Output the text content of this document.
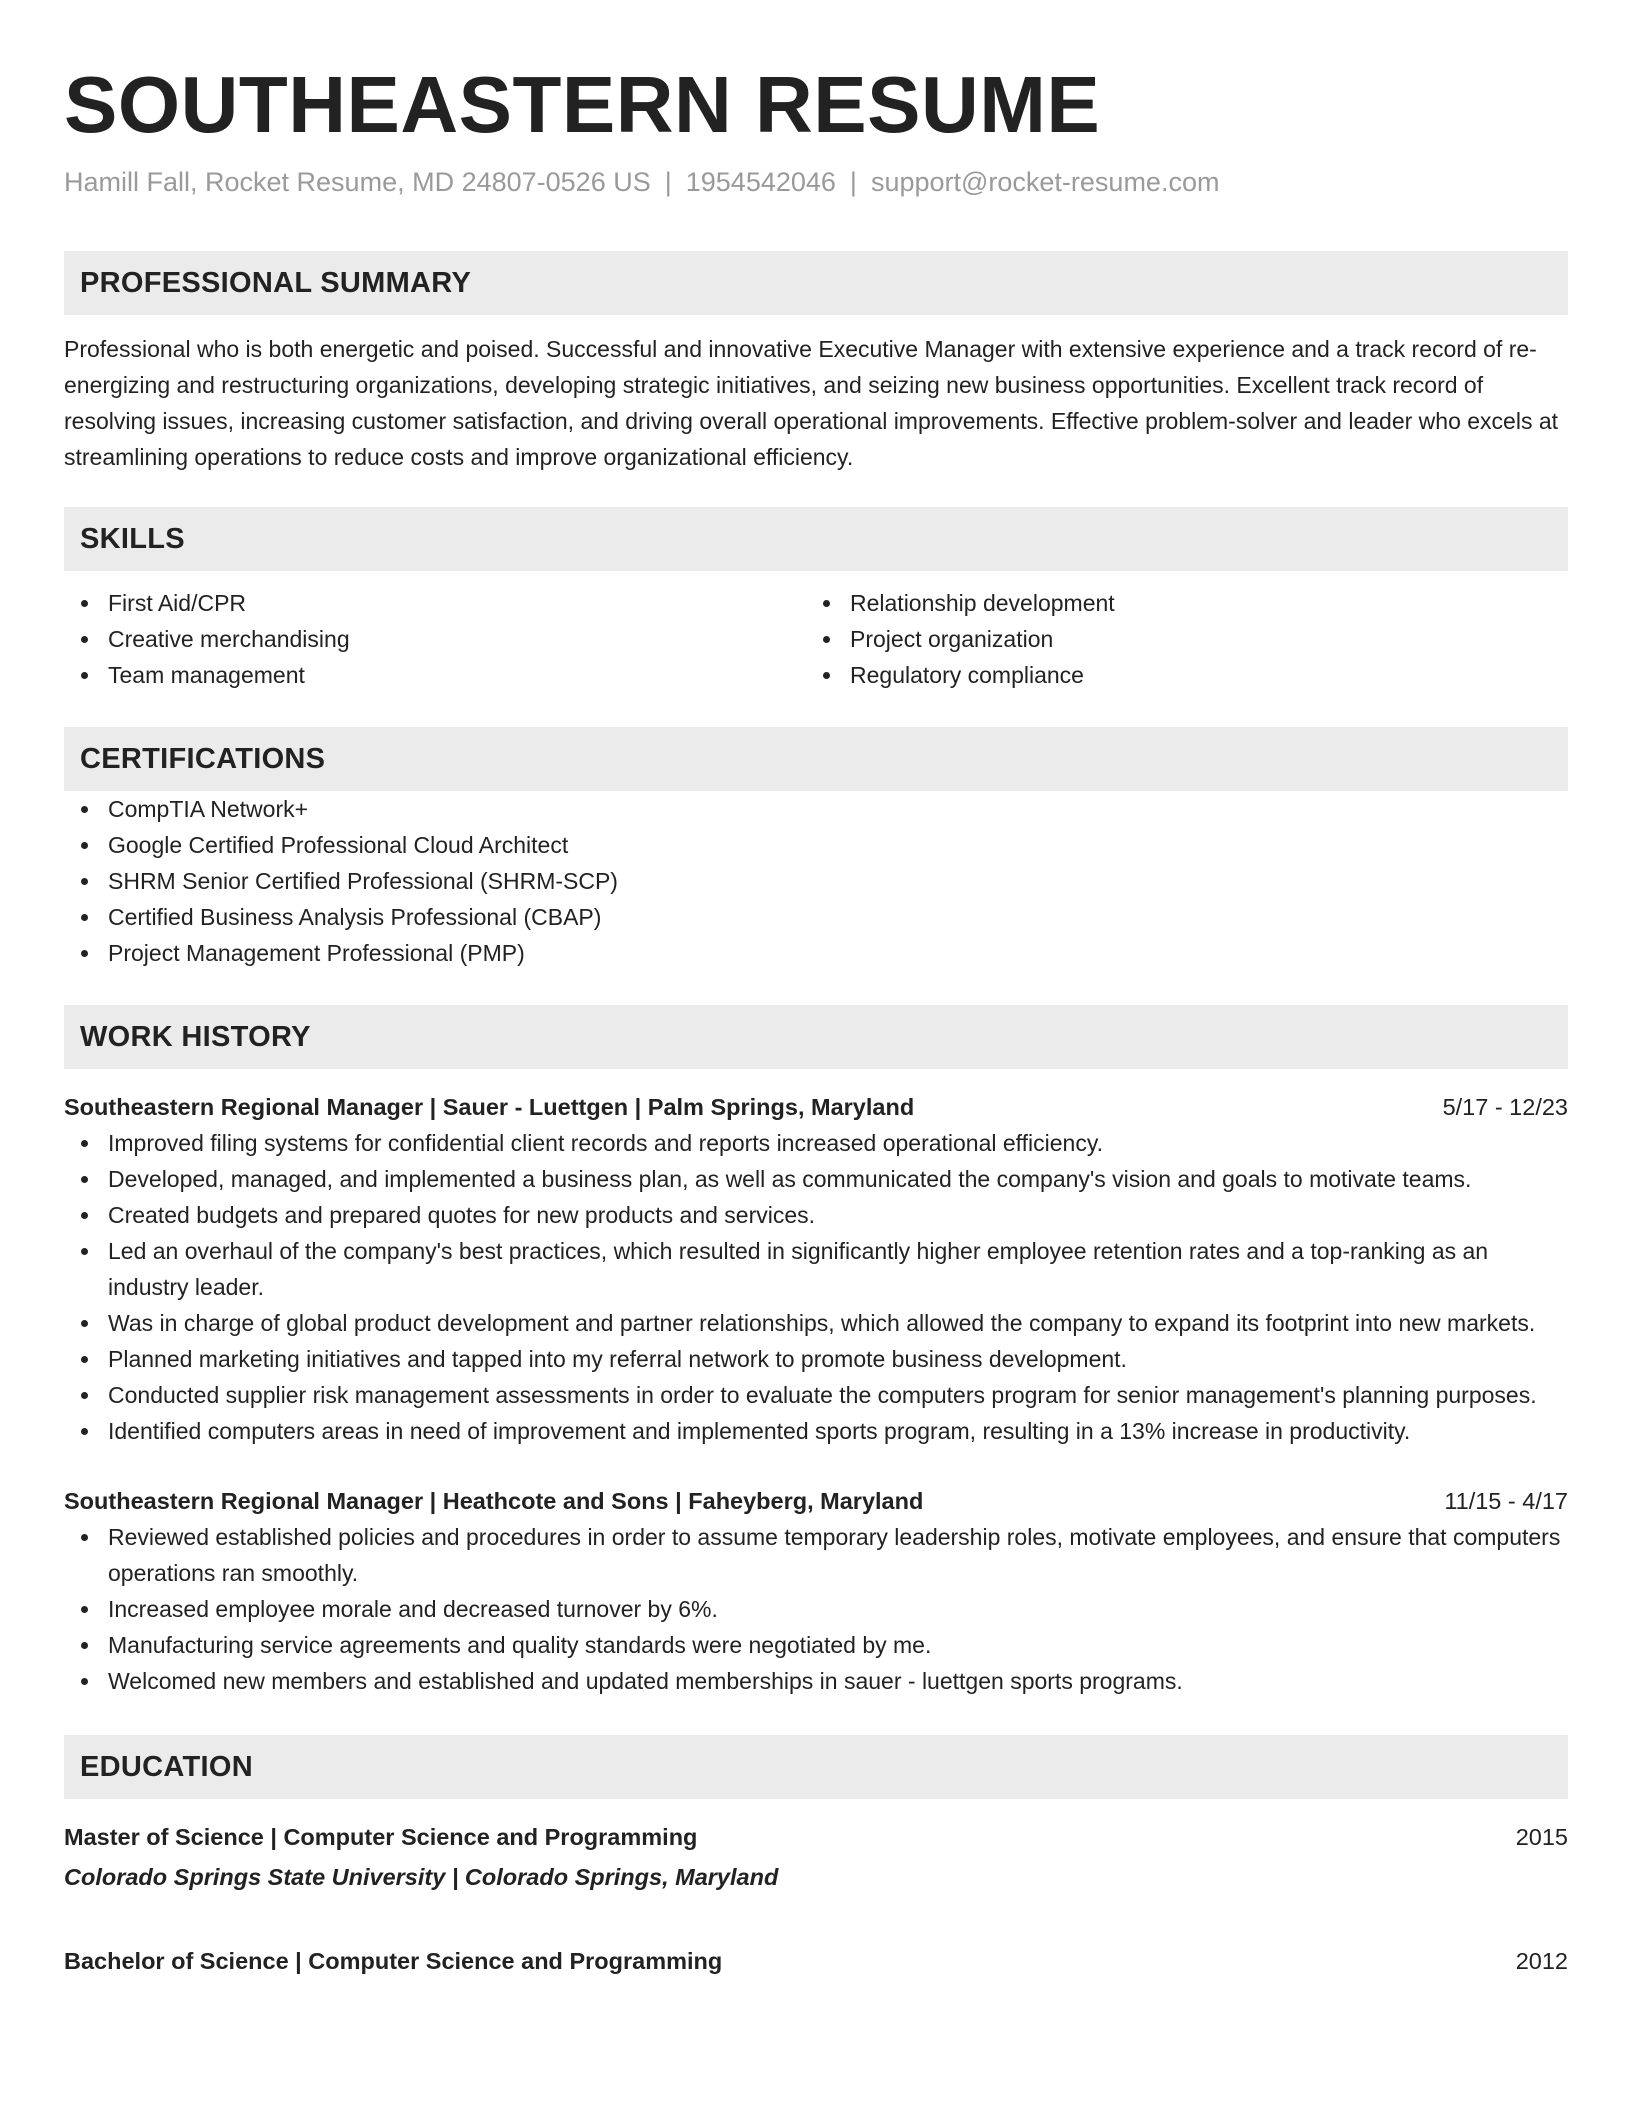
SOUTHEASTERN RESUME
Hamill Fall, Rocket Resume, MD 24807-0526 US | 1954542046 | support@rocket-resume.com
PROFESSIONAL SUMMARY
Professional who is both energetic and poised. Successful and innovative Executive Manager with extensive experience and a track record of re-energizing and restructuring organizations, developing strategic initiatives, and seizing new business opportunities. Excellent track record of resolving issues, increasing customer satisfaction, and driving overall operational improvements. Effective problem-solver and leader who excels at streamlining operations to reduce costs and improve organizational efficiency.
SKILLS
First Aid/CPR
Creative merchandising
Team management
Relationship development
Project organization
Regulatory compliance
CERTIFICATIONS
CompTIA Network+
Google Certified Professional Cloud Architect
SHRM Senior Certified Professional (SHRM-SCP)
Certified Business Analysis Professional (CBAP)
Project Management Professional (PMP)
WORK HISTORY
Southeastern Regional Manager | Sauer - Luettgen | Palm Springs, Maryland	5/17 - 12/23
Improved filing systems for confidential client records and reports increased operational efficiency.
Developed, managed, and implemented a business plan, as well as communicated the company's vision and goals to motivate teams.
Created budgets and prepared quotes for new products and services.
Led an overhaul of the company's best practices, which resulted in significantly higher employee retention rates and a top-ranking as an industry leader.
Was in charge of global product development and partner relationships, which allowed the company to expand its footprint into new markets.
Planned marketing initiatives and tapped into my referral network to promote business development.
Conducted supplier risk management assessments in order to evaluate the computers program for senior management's planning purposes.
Identified computers areas in need of improvement and implemented sports program, resulting in a 13% increase in productivity.
Southeastern Regional Manager | Heathcote and Sons | Faheyberg, Maryland	11/15 - 4/17
Reviewed established policies and procedures in order to assume temporary leadership roles, motivate employees, and ensure that computers operations ran smoothly.
Increased employee morale and decreased turnover by 6%.
Manufacturing service agreements and quality standards were negotiated by me.
Welcomed new members and established and updated memberships in sauer - luettgen sports programs.
EDUCATION
Master of Science | Computer Science and Programming	2015
Colorado Springs State University | Colorado Springs, Maryland
Bachelor of Science | Computer Science and Programming	2012
